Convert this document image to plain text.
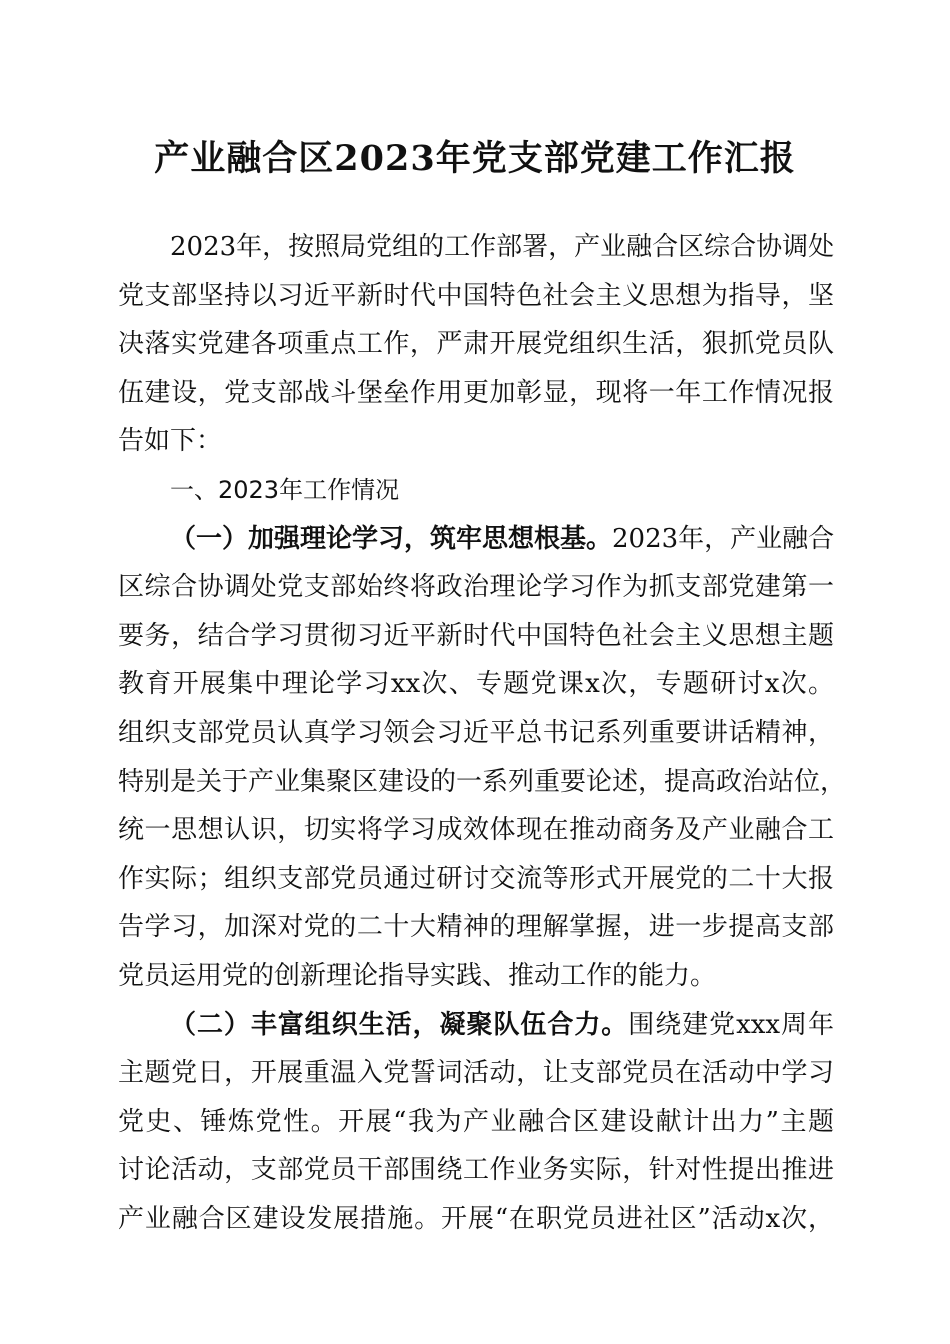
产业融合区2023年党支部党建工作汇报
2023年，按照局党组的工作部署，产业融合区综合协调处
党支部坚持以习近平新时代中国特色社会主义思想为指导，坚
决落实党建各项重点工作，严肃开展党组织生活，狠抓党员队
伍建设，党支部战斗堡垒作用更加彰显，现将一年工作情况报
告如下：
一、2023年工作情况
（一）加强理论学习，筑牢思想根基。2023年，产业融合
区综合协调处党支部始终将政治理论学习作为抓支部党建第一
要务，结合学习贯彻习近平新时代中国特色社会主义思想主题
教育开展集中理论学习xx次、专题党课x次，专题研讨x次。
组织支部党员认真学习领会习近平总书记系列重要讲话精神，
特别是关于产业集聚区建设的一系列重要论述，提高政治站位，
统一思想认识，切实将学习成效体现在推动商务及产业融合工
作实际；组织支部党员通过研讨交流等形式开展党的二十大报
告学习，加深对党的二十大精神的理解掌握，进一步提高支部
党员运用党的创新理论指导实践、推动工作的能力。
（二）丰富组织生活，凝聚队伍合力。围绕建党xxx周年
主题党日，开展重温入党誓词活动，让支部党员在活动中学习
党史、锤炼党性。开展“我为产业融合区建设献计出力”主题
讨论活动，支部党员干部围绕工作业务实际，针对性提出推进
产业融合区建设发展措施。开展“在职党员进社区”活动x次，
